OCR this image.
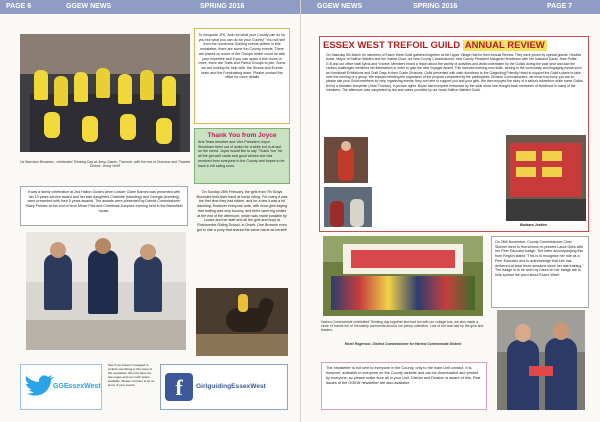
PAGE 6	GGEW NEWS	SPRING 2016
1st Barnston Brownies , celebrated Thinking Day at Jump Giants, Thurrock, with the rest of Dunmow and Thaxted District. Jenny Wolff
To misquote JFK,"Ask not what your County can do for you but what you can do for your County!" You will see from the numerous Guiding events written in this newsletter, there are some fun County events. There are places on some of the Groups which could do with your expertise and if you can spare a few hours or more, there are Trails and Parish Groups to join. Some we are looking for help with: the Shows and Events team and the Fundraising team. Please contact the office for more details
Thank You from Joyce
Arts Team member and Vice-President Joyce Stockham been out of action for a while but is at last on the mend. Joyce would like to say "Thank You" for all the get-well cards and good wishes she has received from everyone in the County and hopes to be back in full swing soon.
It was a family celebration at 2nd Halton Guides when Leader Claire Barnes was presented with her 10 years service award and her twin daughters Charlotte (standing) and Georgia (kneeling) were presented with their 5 years awards. The awards were presented by District Commissioner Hilary Pointes at the end of term Mince Pies and Christmas Jumpers evening held in the Barnsfield house.
On Sunday 28th February, the girls from 7th Grays Brownies tried their hand at horse riding. For many it was the first time they had ridden, and for a few it was a bit daunting. However everyone rode, with most girls saying that trotting was very bouncy, and there were big smiles at the end of the afternoon, which was made possible by Louise and her staff and all the girls and boys at Rushcombe Riding School, in Orsett. One Brownie even got to ride a pony that shared the same name as herself!
GGEssexWest
See if you haven't managed to include something in this issue of the newsletter. We only have too few pages and our much space available. Please continue to let us know of your events	f	GirlguidingEssexWest
GGEW NEWS	SPRING 2016	PAGE 7
ESSEX WEST TREFOIL GUILD ANNUAL REVIEW
On Saturday 5th March 64 members of Essex West Guild gathered together at the Upper Village Hall for their Annual Review. They were joined by special guests, Heather Acker, Mayor of Saffron Walden and her invited Chair, our new County Commissioner; new County President Margaret Henderson with her husband David; Jean Potter, G.B and our office staff Sylvia and Yvonne. Members heard a report about the variety of activities and visits undertaken by the Guilds during the past year and saw the various challenges members set themselves in order to gain the new Voyager Award. This involved learning new skills, sewing in the community and engaging media such as Handicraft Exhibitions and Craft Days in their Guide Divisions. Guild presented with cash donations to the Girlguiding Friendly Hand to support the Guild's plans to take over the running of a group. We enjoyed meeting the organisers of the projects completed by the participants. Division Commissioners, we know how busy you are so please ask your Guild members for help organising events; they are here to support you and your girls. We then enjoyed the story of a sailor's adventure while some Guilds, led by a dramatic storyteller (Jane Thurlow), in picture-rights. Bryan had everyone entranced by the slide show she brought back memories of childhood in many of the members. The afternoon was completed by tea and cakes provided by our hosts Saffron Walden Guild.
Barbara Justice
Harlow Commonside celebrated Thinking day together and had fun with our collage bus, we also made a circle of 'hands full of' friendship comments around our penny collection. Lots of fun was had by the girls and leaders.
Rozel Rogerson, District Commissioner for Harlow Commonside District
On 26th November, County Commissioner Chris Skinner went to Hornchurch to present Laura Giles with her Peer Educator badge. The letter accompanying this from Region stated "This is to recognise her role as a Peer Educator and to acknowledge that she has delivered at least three sessions since her last training." The badge is to be worn by Laura on her badge tab to help spread the word about Essex West!
The newsletter is not sent to everyone in the County, only to the main Unit contact. It is, however, available to everyone on the County website and can be downloaded and printed by everyone, so please make sure all in your Unit, District and Division is aware of this. Past issues of the GGEW newsletter are also available.
